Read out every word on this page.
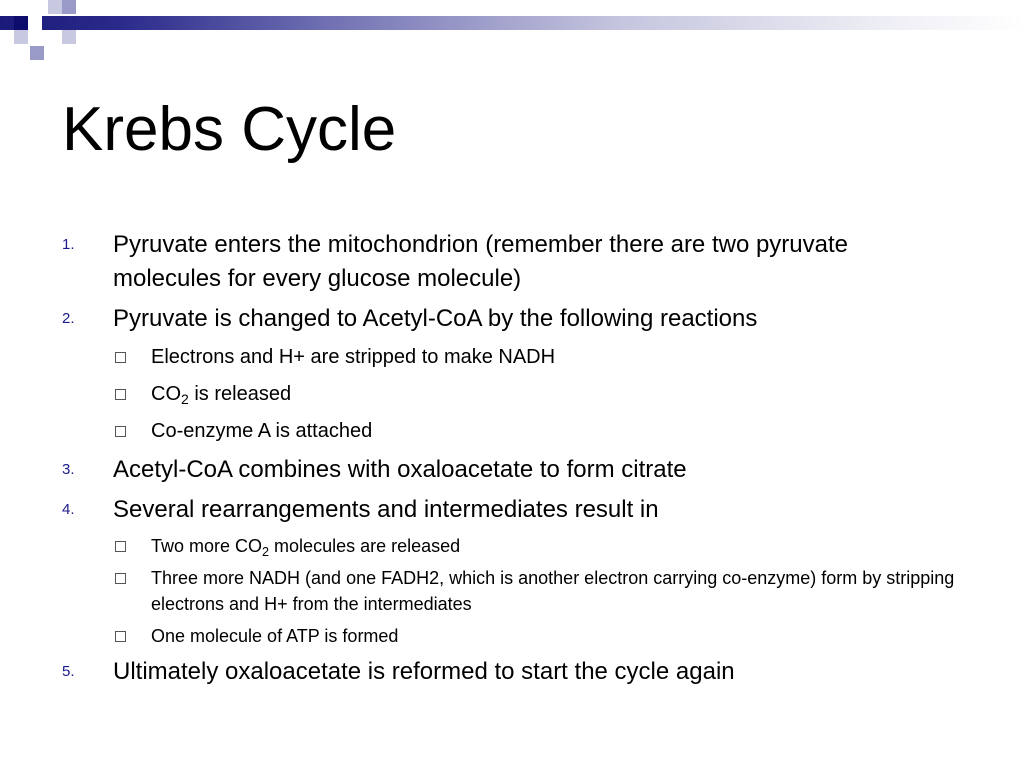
Krebs Cycle
1. Pyruvate enters the mitochondrion (remember there are two pyruvate molecules for every glucose molecule)
2. Pyruvate is changed to Acetyl-CoA by the following reactions
Electrons and H+ are stripped to make NADH
$CO_2$ is released
Co-enzyme A is attached
3. Acetyl-CoA combines with oxaloacetate to form citrate
4. Several rearrangements and intermediates result in
Two more $CO_2$ molecules are released
Three more NADH (and one FADH2, which is another electron carrying co-enzyme) form by stripping electrons and H+ from the intermediates
One molecule of ATP is formed
5. Ultimately oxaloacetate is reformed to start the cycle again
